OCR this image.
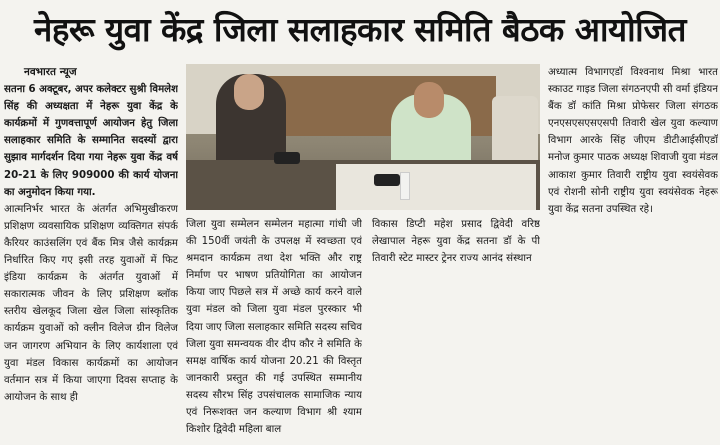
नेहरू युवा केंद्र जिला सलाहकार समिति बैठक आयोजित

नवभारत न्यूज

सतना 6 अक्टूबर, अपर कलेक्टर सुश्री विमलेश सिंह की अध्यक्षता में नेहरू युवा केंद्र के कार्यक्रमों में गुणवत्तापूर्ण आयोजन हेतु जिला सलाहकार समिति के सम्मानित सदस्यों द्वारा सुझाव मार्गदर्शन दिया गया नेहरू युवा केंद्र वर्ष 20-21 के लिए 909000 की कार्य योजना का अनुमोदन किया गया.

आत्मनिर्भर भारत के अंतर्गत अभिमुखीकरण प्रशिक्षण व्यवसायिक प्रशिक्षण व्यक्तिगत संपर्क कैरियर काउंसलिंग एवं बैंक मित्र जैसे कार्यक्रम निर्धारित किए गए इसी तरह युवाओं में फिट इंडिया कार्यक्रम के अंतर्गत युवाओं में सकारात्मक जीवन के लिए प्रशिक्षण ब्लॉक स्तरीय खेलकूद जिला खेल जिला सांस्कृतिक कार्यक्रम युवाओं को क्लीन विलेज ग्रीन विलेज जन जागरण अभियान के लिए कार्यशाला एवं युवा मंडल विकास कार्यक्रमों का आयोजन वर्तमान सत्र में किया जाएगा दिवस सप्ताह के आयोजन के साथ ही

जिला युवा सम्मेलन सम्मेलन महात्मा गांधी जी की 150वीं जयंती के उपलक्ष में स्वच्छता एवं श्रमदान कार्यक्रम तथा देश भक्ति और राष्ट्र निर्माण पर भाषण प्रतियोगिता का आयोजन किया जाए पिछले सत्र में अच्छे कार्य करने वाले युवा मंडल को जिला युवा मंडल पुरस्कार भी दिया जाए जिला सलाहकार समिति सदस्य सचिव जिला युवा समन्वयक वीर दीप कौर ने समिति के समक्ष वार्षिक कार्य योजना 20.21 की विस्तृत जानकारी प्रस्तुत की गई उपस्थित सम्मानीय सदस्य सौरभ सिंह उपसंचालक सामाजिक न्याय एवं निरूशक्त जन कल्याण विभाग श्री श्याम किशोर द्विवेदी महिला बाल

विकास डिप्टी महेश प्रसाद द्विवेदी वरिष्ठ लेखापाल नेहरू युवा केंद्र सतना डॉ के पी तिवारी स्टेट मास्टर ट्रेनर राज्य आनंद संस्थान

अध्यात्म विभागएडॉ विश्वनाथ मिश्रा भारत स्काउट गाइड जिला संगठनएपी सी वर्मा इंडियन बैंक डॉ कांति मिश्रा प्रोफेसर जिला संगठक एनएसएसएसएसपी तिवारी खेल युवा कल्याण विभाग आरके सिंह जीएम डीटीआईसीएडॉ मनोज कुमार पाठक अध्यक्ष शिवाजी युवा मंडल आकाश कुमार तिवारी राष्ट्रीय युवा स्वयंसेवक एवं रोशनी सोनी राष्ट्रीय युवा स्वयंसेवक नेहरू युवा केंद्र सतना उपस्थित रहे।
